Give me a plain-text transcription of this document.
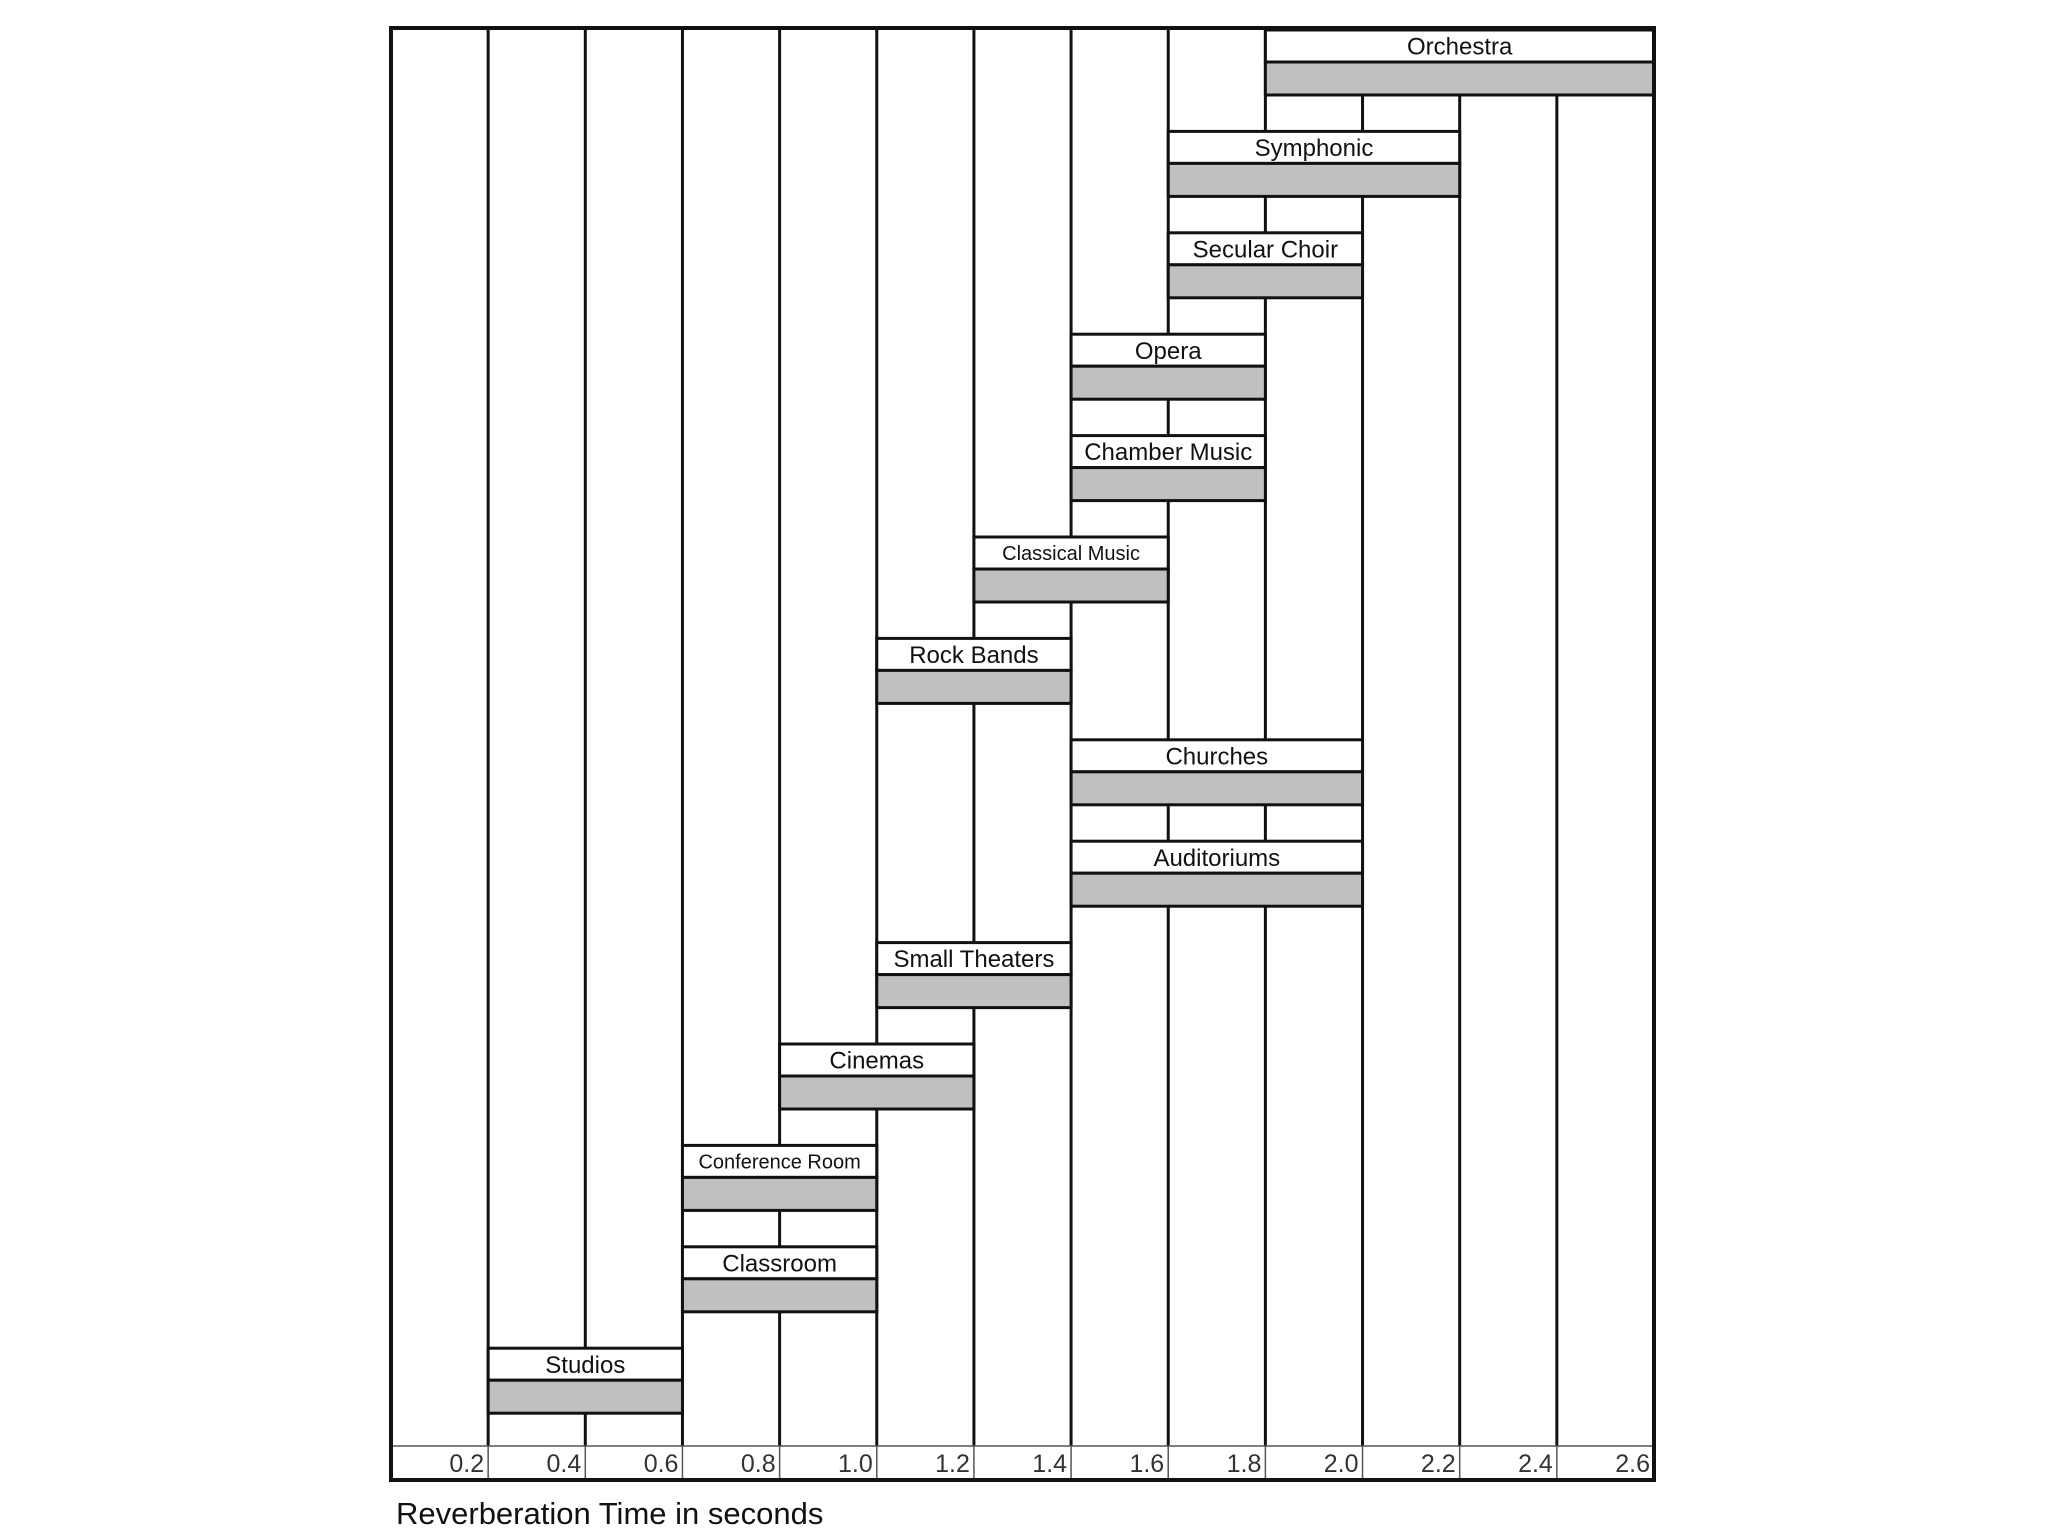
Orchestra
Symphonic
Secular Choir
Opera
Chamber Music
Classical Music
Rock Bands
Churches
Auditoriums
Small Theaters
Cinemas
Conference Room
Classroom
Studios
0.2 0.4 0.6 0.8 1.0 1.2 1.4 1.6 1.8 2.0 2.2 2.4 2.6
Reverberation Time in seconds
